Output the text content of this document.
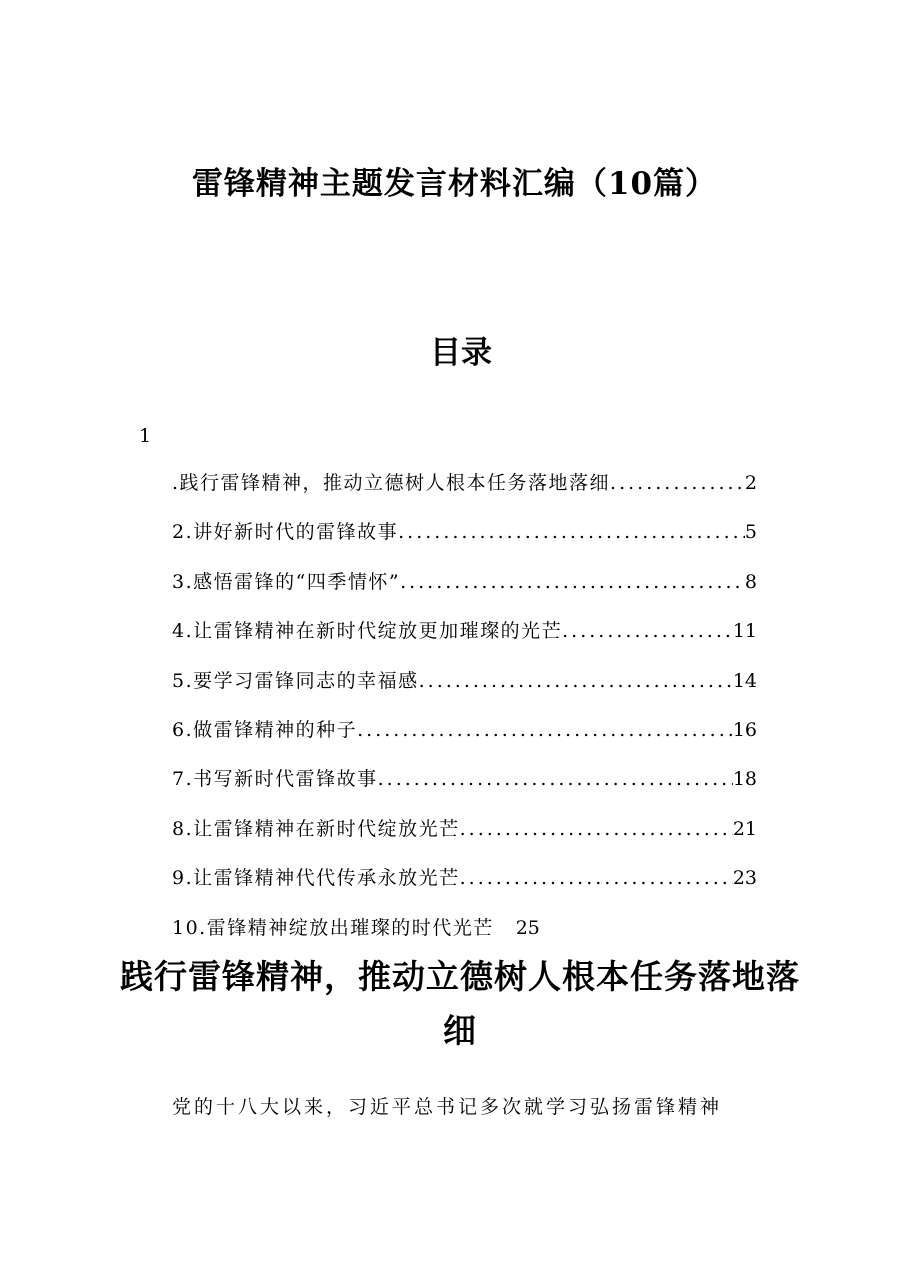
雷锋精神主题发言材料汇编（10篇）
目录
1
.践行雷锋精神，推动立德树人根本任务落地落细 .....	2
2.讲好新时代的雷锋故事 .....	5
3.感悟雷锋的“四季情怀” .....	8
4.让雷锋精神在新时代绽放更加璀璨的光芒 .....	11
5.要学习雷锋同志的幸福感 .....	14
6.做雷锋精神的种子 .....	16
7.书写新时代雷锋故事 .....	18
8.让雷锋精神在新时代绽放光芒 .....	21
9.让雷锋精神代代传承永放光芒 .....	23
10.雷锋精神绽放出璀璨的时代光芒 25
践行雷锋精神，推动立德树人根本任务落地落细
党的十八大以来，习近平总书记多次就学习弘扬雷锋精神
